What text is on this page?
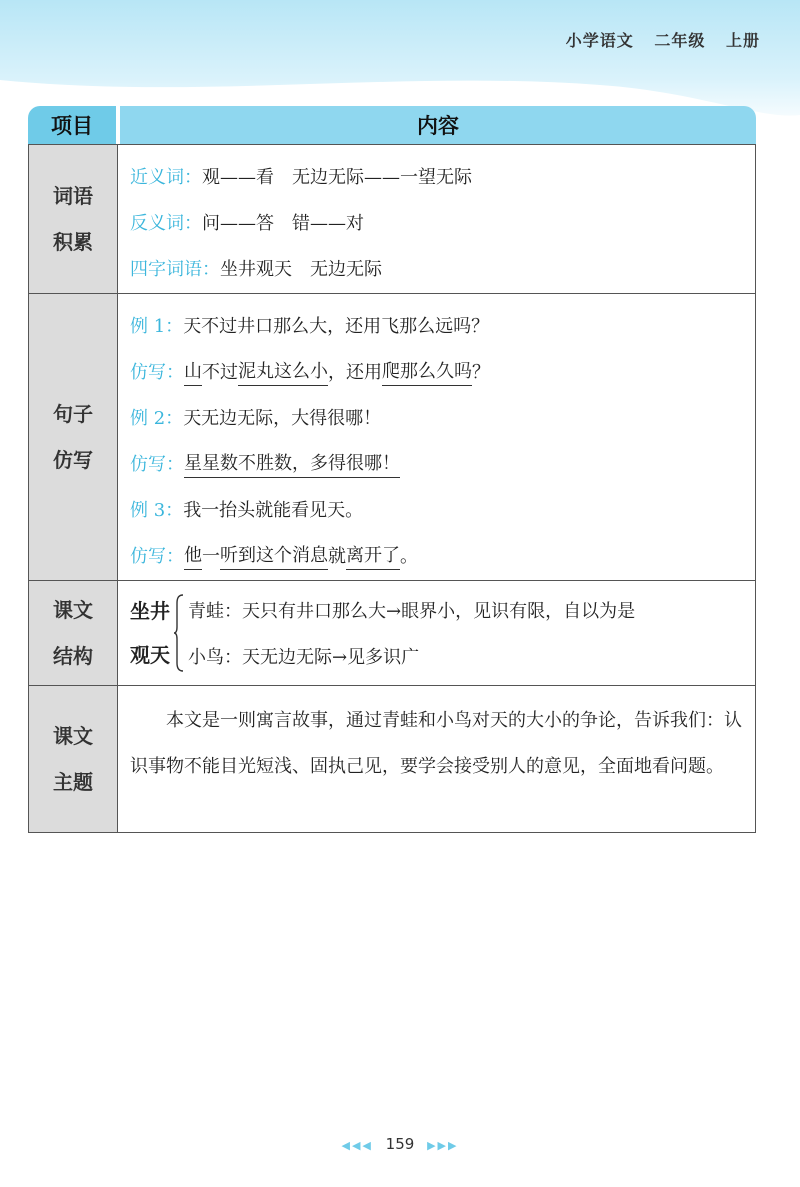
小学语文 二年级 上册
项目	内容
词语
积累
近义词： 观——看　无边无际——一望无际
反义词： 问——答　错——对
四字词语： 坐井观天　无边无际
句子
仿写
例 1： 天不过井口那么大，还用飞那么远吗？
仿写： 山 不过 泥丸这么小 ，还用 爬那么久吗 ？
例 2： 天无边无际，大得很哪！
仿写： 星星数不胜数，多得很哪！
例 3： 我一抬头就能看见天。
仿写： 他 一 听到这个消息 就 离开了 。
课文
结构
坐井
观天
青蛙：天只有井口那么大→眼界小，见识有限，自以为是
小鸟：天无边无际→见多识广
课文
主题
本文是一则寓言故事，通过青蛙和小鸟对天的大小的争论，告诉我们：认识事物不能目光短浅、固执己见，要学会接受别人的意见，全面地看问题。
◀◀◀ 159 ▶▶▶
